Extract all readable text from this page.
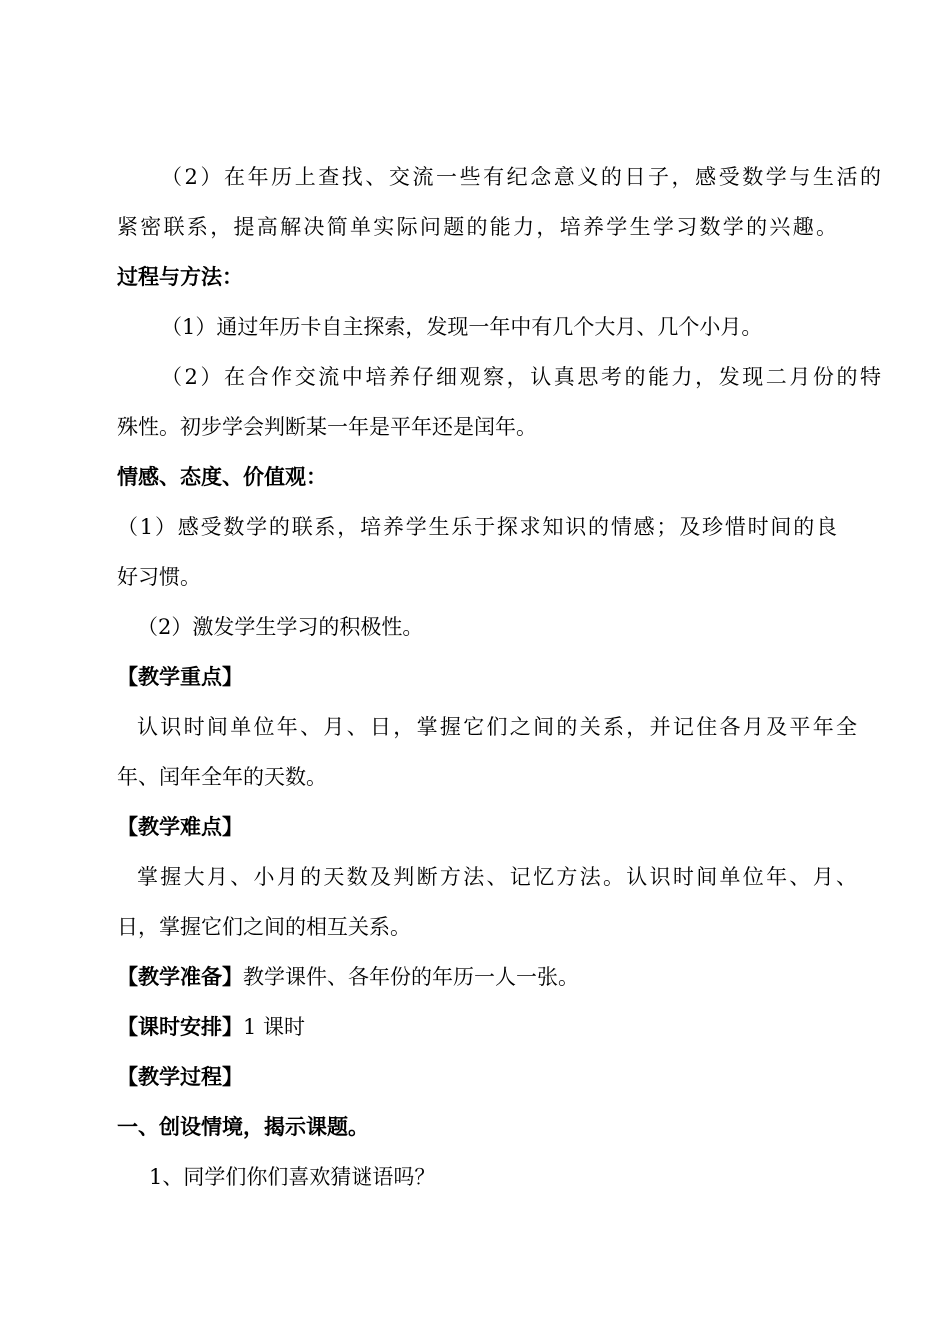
（2）在年历上查找、交流一些有纪念意义的日子，感受数学与生活的
紧密联系，提高解决简单实际问题的能力，培养学生学习数学的兴趣。
过程与方法：
（1）通过年历卡自主探索，发现一年中有几个大月、几个小月。
（2）在合作交流中培养仔细观察，认真思考的能力，发现二月份的特
殊性。初步学会判断某一年是平年还是闰年。
情感、态度、价值观：
（1）感受数学的联系，培养学生乐于探求知识的情感；及珍惜时间的良
好习惯。
（2）激发学生学习的积极性。
【教学重点】
认识时间单位年、月、日，掌握它们之间的关系，并记住各月及平年全
年、闰年全年的天数。
【教学难点】
掌握大月、小月的天数及判断方法、记忆方法。认识时间单位年、月、
日，掌握它们之间的相互关系。
【教学准备】教学课件、各年份的年历一人一张。
【课时安排】1 课时
【教学过程】
一、创设情境，揭示课题。
1、同学们你们喜欢猜谜语吗？
